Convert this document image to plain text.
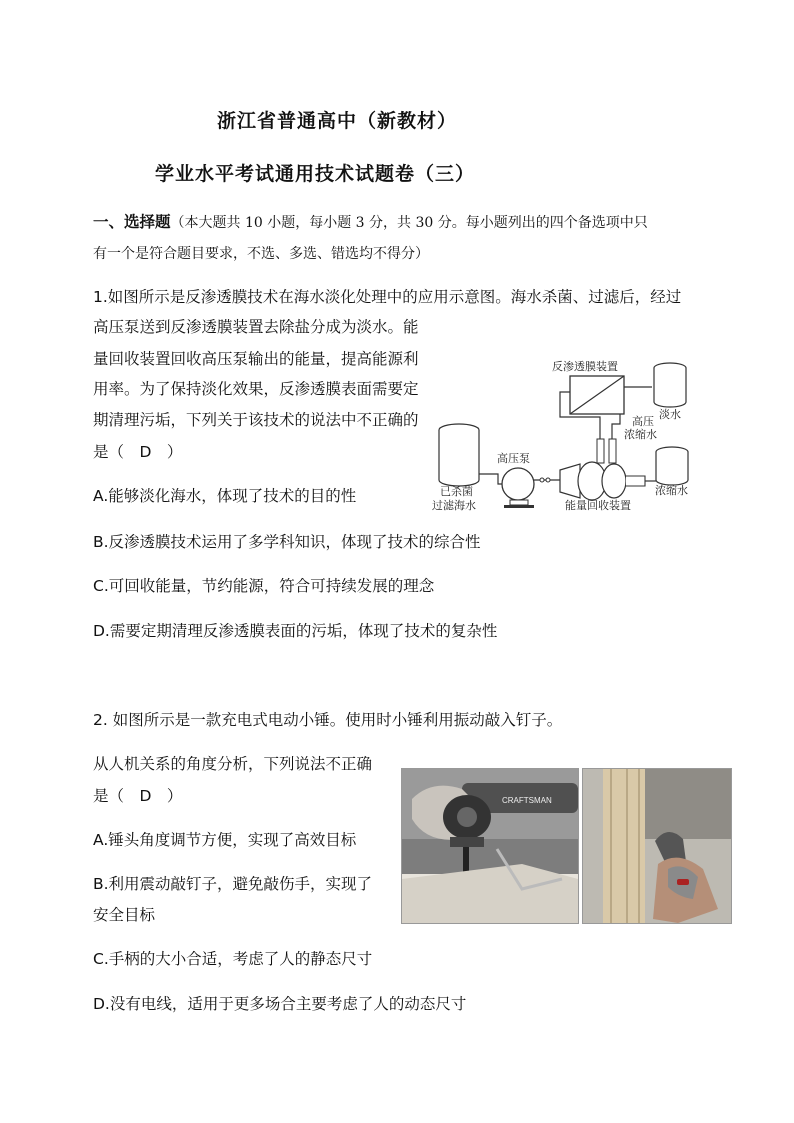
浙江省普通高中（新教材）
学业水平考试通用技术试题卷（三）
一、选择题（本大题共 10 小题，每小题 3 分，共 30 分。每小题列出的四个备选项中只
有一个是符合题目要求，不选、多选、错选均不得分）
1.如图所示是反渗透膜技术在海水淡化处理中的应用示意图。海水杀菌、过滤后，经过
高压泵送到反渗透膜装置去除盐分成为淡水。能
量回收装置回收高压泵输出的能量，提高能源利
用率。为了保持淡化效果，反渗透膜表面需要定
期清理污垢，下列关于该技术的说法中不正确的
是（　D　）
已杀菌
过滤海水
高压泵
能量回收装置
反渗透膜装置
淡水
高压
浓缩水
浓缩水
A.能够淡化海水，体现了技术的目的性
B.反渗透膜技术运用了多学科知识，体现了技术的综合性
C.可回收能量，节约能源，符合可持续发展的理念
D.需要定期清理反渗透膜表面的污垢，体现了技术的复杂性
2. 如图所示是一款充电式电动小锤。使用时小锤利用振动敲入钉子。
从人机关系的角度分析，下列说法不正确
是（　D　）
A.锤头角度调节方便，实现了高效目标
B.利用震动敲钉子，避免敲伤手，实现了
安全目标
C.手柄的大小合适，考虑了人的静态尺寸
D.没有电线，适用于更多场合主要考虑了人的动态尺寸
CRAFTSMAN
